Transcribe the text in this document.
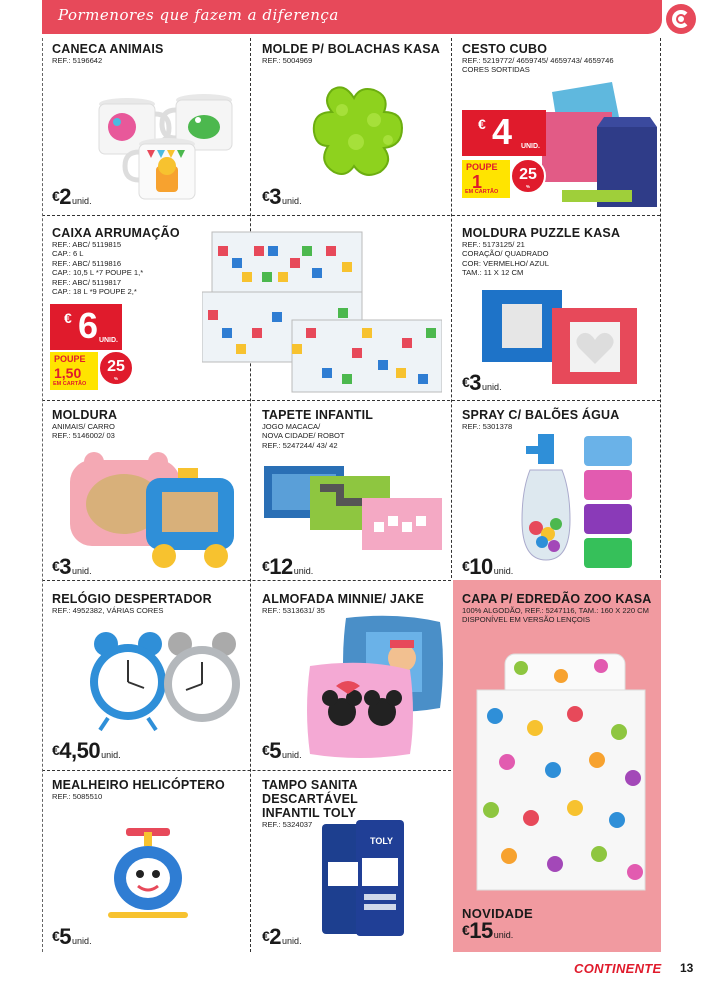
Pormenores que fazem a diferença
CANECA ANIMAIS
REF.: 5196642
€2unid.
MOLDE P/ BOLACHAS KASA
REF.: 5004969
€3unid.
CESTO CUBO
REF.: 5219772/ 4659745/ 4659743/ 4659746
CORES SORTIDAS
€ 4 UNID.
POUPE
1
EM CARTÃO
25
%
CAIXA ARRUMAÇÃO
REF.: ABC/ 5119815
CAP.: 6 L
REF.: ABC/ 5119816
CAP.: 10,5 L *7 POUPE 1,*
REF.: ABC/ 5119817
CAP.: 18 L *9 POUPE 2,*
€ 6 UNID.
POUPE
1,50
EM CARTÃO
25
%
MOLDURA PUZZLE KASA
REF.: 5173125/ 21
CORAÇÃO/ QUADRADO
COR: VERMELHO/ AZUL
TAM.: 11 X 12 CM
€3unid.
MOLDURA
ANIMAIS/ CARRO
REF.: 5146002/ 03
€3unid.
TAPETE INFANTIL
JOGO MACACA/
NOVA CIDADE/ ROBOT
REF.: 5247244/ 43/ 42
€12unid.
SPRAY C/ BALÕES ÁGUA
REF.: 5301378
€10unid.
RELÓGIO DESPERTADOR
REF.: 4952382, VÁRIAS CORES
€4,50unid.
ALMOFADA MINNIE/ JAKE
REF.: 5313631/ 35
€5unid.
CAPA P/ EDREDÃO ZOO KASA
100% ALGODÃO, REF.: 5247116, TAM.: 160 X 220 CM
DISPONÍVEL EM VERSÃO LENÇOIS
NOVIDADE
€15unid.
MEALHEIRO HELICÓPTERO
REF.: 5085510
€5unid.
TAMPO SANITA DESCARTÁVEL
INFANTIL TOLY
REF.: 5324037
TOLY
€2unid.
CONTINENTE 13
